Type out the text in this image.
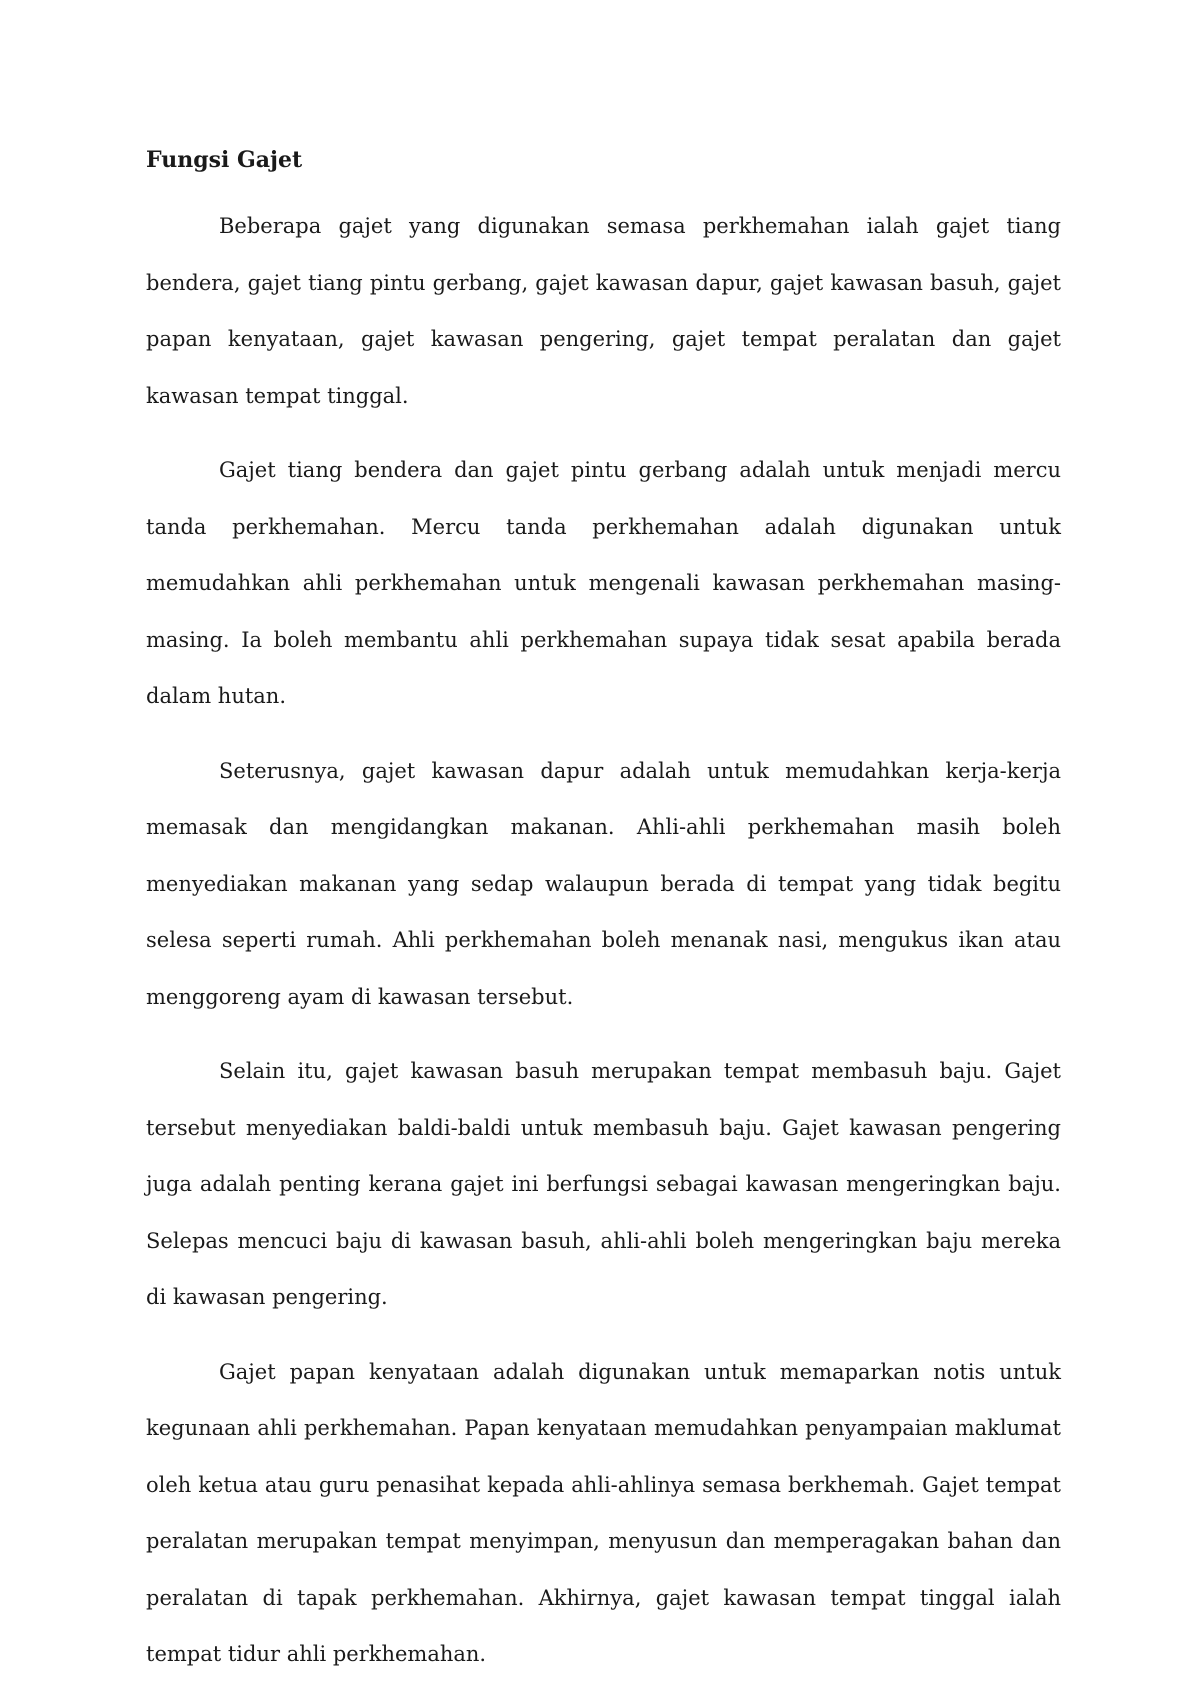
Fungsi Gajet

Beberapa gajet yang digunakan semasa perkhemahan ialah gajet tiang bendera, gajet tiang pintu gerbang, gajet kawasan dapur, gajet kawasan basuh, gajet papan kenyataan, gajet kawasan pengering, gajet tempat peralatan dan gajet kawasan tempat tinggal.

Gajet tiang bendera dan gajet pintu gerbang adalah untuk menjadi mercu tanda perkhemahan. Mercu tanda perkhemahan adalah digunakan untuk memudahkan ahli perkhemahan untuk mengenali kawasan perkhemahan masing-masing. Ia boleh membantu ahli perkhemahan supaya tidak sesat apabila berada dalam hutan.

Seterusnya, gajet kawasan dapur adalah untuk memudahkan kerja-kerja memasak dan mengidangkan makanan. Ahli-ahli perkhemahan masih boleh menyediakan makanan yang sedap walaupun berada di tempat yang tidak begitu selesa seperti rumah. Ahli perkhemahan boleh menanak nasi, mengukus ikan atau menggoreng ayam di kawasan tersebut.

Selain itu, gajet kawasan basuh merupakan tempat membasuh baju. Gajet tersebut menyediakan baldi-baldi untuk membasuh baju. Gajet kawasan pengering juga adalah penting kerana gajet ini berfungsi sebagai kawasan mengeringkan baju. Selepas mencuci baju di kawasan basuh, ahli-ahli boleh mengeringkan baju mereka di kawasan pengering.

Gajet papan kenyataan adalah digunakan untuk memaparkan notis untuk kegunaan ahli perkhemahan. Papan kenyataan memudahkan penyampaian maklumat oleh ketua atau guru penasihat kepada ahli-ahlinya semasa berkhemah. Gajet tempat peralatan merupakan tempat menyimpan, menyusun dan memperagakan bahan dan peralatan di tapak perkhemahan. Akhirnya, gajet kawasan tempat tinggal ialah tempat tidur ahli perkhemahan.
